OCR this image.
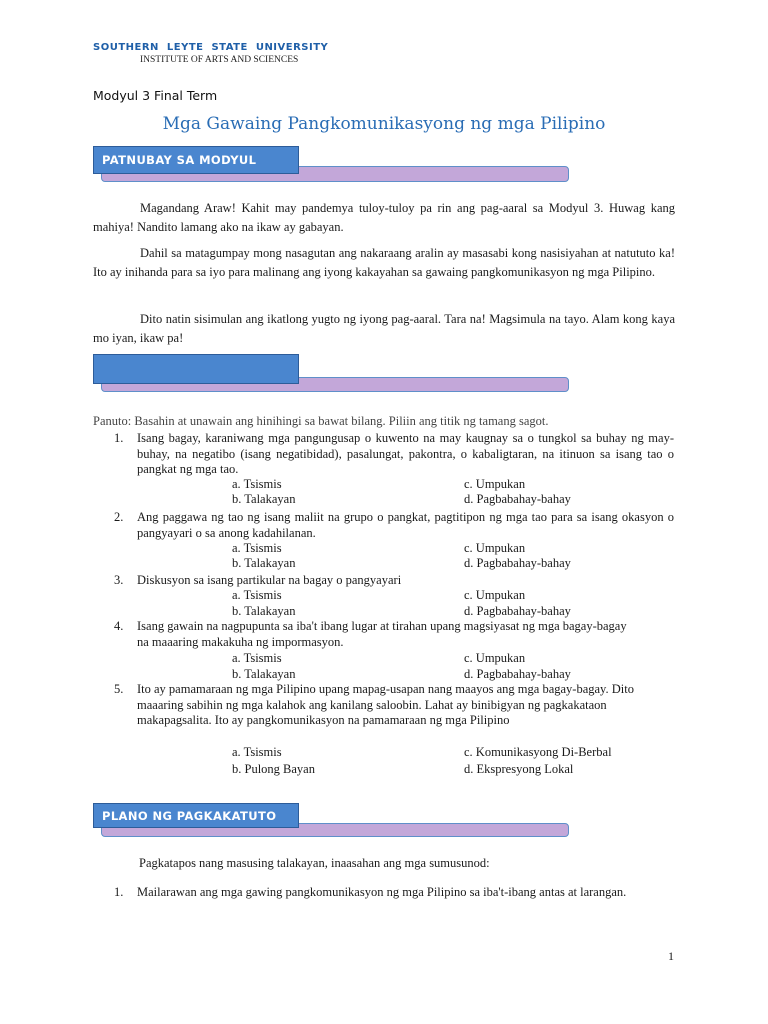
SOUTHERN LEYTE STATE UNIVERSITY
INSTITUTE OF ARTS AND SCIENCES
Modyul 3 Final Term
Mga Gawaing Pangkomunikasyong ng mga Pilipino
PATNUBAY SA MODYUL

Magandang Araw! Kahit may pandemya tuloy-tuloy pa rin ang pag-aaral sa Modyul 3. Huwag kang mahiya! Nandito lamang ako na ikaw ay gabayan.

Dahil sa matagumpay mong nasagutan ang nakaraang aralin ay masasabi kong nasisiyahan at natututo ka! Ito ay inihanda para sa iyo para malinang ang iyong kakayahan sa gawaing pangkomunikasyon ng mga Pilipino.

Dito natin sisimulan ang ikatlong yugto ng iyong pag-aaral. Tara na! Magsimula na tayo. Alam kong kaya mo iyan, ikaw pa!

Panuto: Basahin at unawain ang hinihingi sa bawat bilang. Piliin ang titik ng tamang sagot.
1. Isang bagay, karaniwang mga pangungusap o kuwento na may kaugnay sa o tungkol sa buhay ng may-buhay, na negatibo (isang negatibidad), pasalungat, pakontra, o kabaligtaran, na itinuon sa isang tao o pangkat ng mga tao.
a. Tsismis	c. Umpukan
b. Talakayan	d. Pagbabahay-bahay
2. Ang paggawa ng tao ng isang maliit na grupo o pangkat, pagtitipon ng mga tao para sa isang okasyon o pangyayari o sa anong kadahilanan.
a. Tsismis	c. Umpukan
b. Talakayan	d. Pagbabahay-bahay
3. Diskusyon sa isang partikular na bagay o pangyayari
a. Tsismis	c. Umpukan
b. Talakayan	d. Pagbabahay-bahay
4. Isang gawain na nagpupunta sa iba't ibang lugar at tirahan upang magsiyasat ng mga bagay-bagay na maaaring makakuha ng impormasyon.
a. Tsismis	c. Umpukan
b. Talakayan	d. Pagbabahay-bahay
5. Ito ay pamamaraan ng mga Pilipino upang mapag-usapan nang maayos ang mga bagay-bagay. Dito maaaring sabihin ng mga kalahok ang kanilang saloobin. Lahat ay binibigyan ng pagkakataon makapagsalita. Ito ay pangkomunikasyon na pamamaraan ng mga Pilipino
a. Tsismis	c. Komunikasyong Di-Berbal
b. Pulong Bayan	d. Ekspresyong Lokal
PLANO NG PAGKAKATUTO
Pagkatapos nang masusing talakayan, inaasahan ang mga sumusunod:
1. Mailarawan ang mga gawing pangkomunikasyon ng mga Pilipino sa iba't-ibang antas at larangan.
1
